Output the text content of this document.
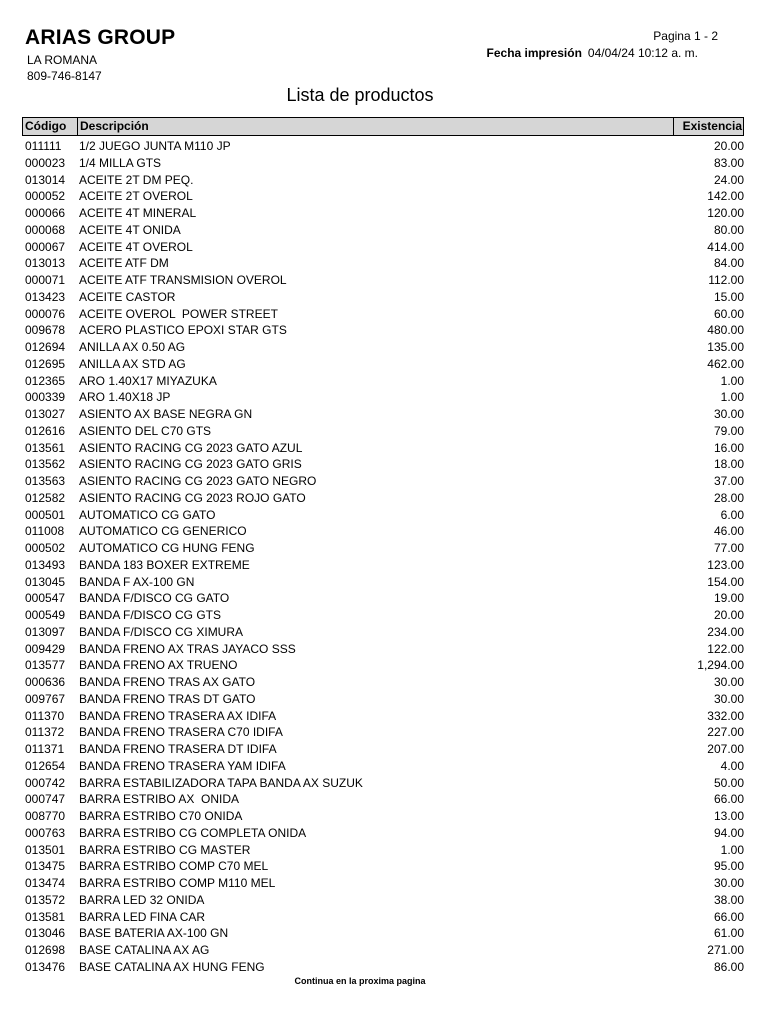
ARIAS GROUP
LA ROMANA
809-746-8147
Pagina 1 - 2
Fecha impresión 04/04/24 10:12 a. m.
Lista de productos
Código	Descripción	Existencia
011111 1/2 JUEGO JUNTA M110 JP	20.00
000023 1/4 MILLA GTS	83.00
013014 ACEITE 2T DM PEQ.	24.00
000052 ACEITE 2T OVEROL	142.00
000066 ACEITE 4T MINERAL	120.00
000068 ACEITE 4T ONIDA	80.00
000067 ACEITE 4T OVEROL	414.00
013013 ACEITE ATF DM	84.00
000071 ACEITE ATF TRANSMISION OVEROL	112.00
013423 ACEITE CASTOR	15.00
000076 ACEITE OVEROL  POWER STREET	60.00
009678 ACERO PLASTICO EPOXI STAR GTS	480.00
012694 ANILLA AX 0.50 AG	135.00
012695 ANILLA AX STD AG	462.00
012365 ARO 1.40X17 MIYAZUKA	1.00
000339 ARO 1.40X18 JP	1.00
013027 ASIENTO AX BASE NEGRA GN	30.00
012616 ASIENTO DEL C70 GTS	79.00
013561 ASIENTO RACING CG 2023 GATO AZUL	16.00
013562 ASIENTO RACING CG 2023 GATO GRIS	18.00
013563 ASIENTO RACING CG 2023 GATO NEGRO	37.00
012582 ASIENTO RACING CG 2023 ROJO GATO	28.00
000501 AUTOMATICO CG GATO	6.00
011008 AUTOMATICO CG GENERICO	46.00
000502 AUTOMATICO CG HUNG FENG	77.00
013493 BANDA 183 BOXER EXTREME	123.00
013045 BANDA F AX-100 GN	154.00
000547 BANDA F/DISCO CG GATO	19.00
000549 BANDA F/DISCO CG GTS	20.00
013097 BANDA F/DISCO CG XIMURA	234.00
009429 BANDA FRENO AX TRAS JAYACO SSS	122.00
013577 BANDA FRENO AX TRUENO	1,294.00
000636 BANDA FRENO TRAS AX GATO	30.00
009767 BANDA FRENO TRAS DT GATO	30.00
011370 BANDA FRENO TRASERA AX IDIFA	332.00
011372 BANDA FRENO TRASERA C70 IDIFA	227.00
011371 BANDA FRENO TRASERA DT IDIFA	207.00
012654 BANDA FRENO TRASERA YAM IDIFA	4.00
000742 BARRA ESTABILIZADORA TAPA BANDA AX SUZUK	50.00
000747 BARRA ESTRIBO AX  ONIDA	66.00
008770 BARRA ESTRIBO C70 ONIDA	13.00
000763 BARRA ESTRIBO CG COMPLETA ONIDA	94.00
013501 BARRA ESTRIBO CG MASTER	1.00
013475 BARRA ESTRIBO COMP C70 MEL	95.00
013474 BARRA ESTRIBO COMP M110 MEL	30.00
013572 BARRA LED 32 ONIDA	38.00
013581 BARRA LED FINA CAR	66.00
013046 BASE BATERIA AX-100 GN	61.00
012698 BASE CATALINA AX AG	271.00
013476 BASE CATALINA AX HUNG FENG	86.00
Continua en la proxima pagina
